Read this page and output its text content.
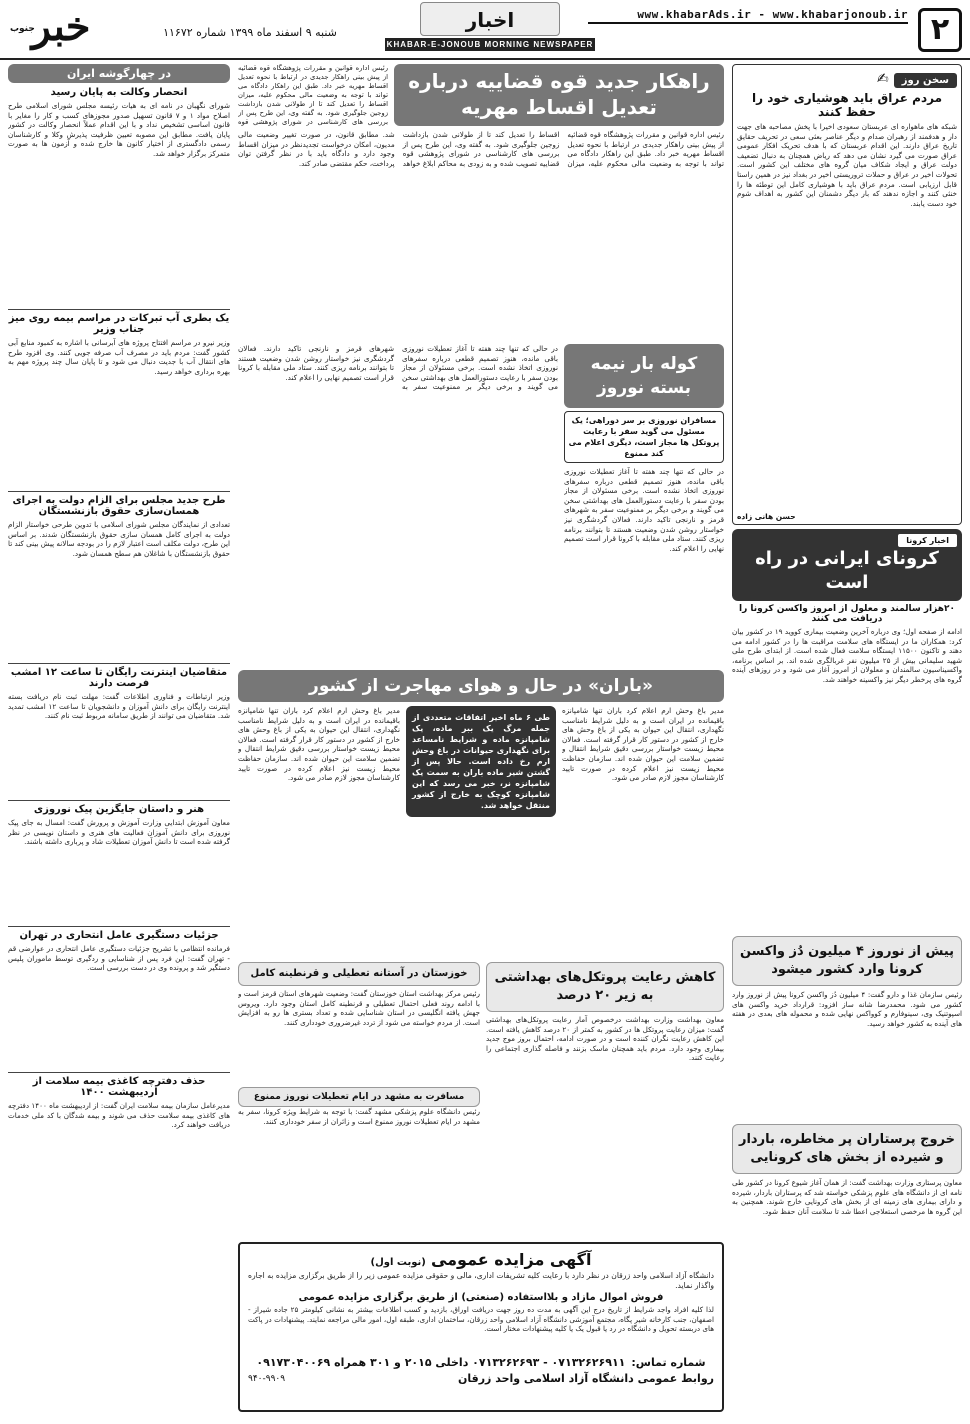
۲
www.khabarAds.ir - www.khabarjonoub.ir
اخبار
KHABAR-E-JONOUB MORNING NEWSPAPER
شنبه ۹ اسفند ماه ۱۳۹۹ شماره ۱۱۶۷۲
خبر
جنوب
سخن روز ✍
مردم عراق باید هوشیاری خود را حفظ کنند
شبکه های ماهواره ای عربستان سعودی اخیرا با پخش مصاحبه های جهت دار و هدفمند از رهبران صدام و دیگر عناصر بعثی سعی در تحریف حقایق تاریخ عراق دارند. این اقدام عربستان که با هدف تحریک افکار عمومی عراق صورت می گیرد نشان می دهد که ریاض همچنان به دنبال تضعیف دولت عراق و ایجاد شکاف میان گروه های مختلف این کشور است. تحولات اخیر در عراق و حملات تروریستی اخیر در بغداد نیز در همین راستا قابل ارزیابی است. مردم عراق باید با هوشیاری کامل این توطئه ها را خنثی کنند و اجازه ندهند که بار دیگر دشمنان این کشور به اهداف شوم خود دست یابند.
حسن هانی زاده
اخبار کرونا
کرونای ایرانی در راه است
۲۰هزار سالمند و معلول از امروز واکسن کرونا را دریافت می کنند
ادامه از صفحه اول؛ وی درباره آخرین وضعیت بیماری کووید ۱۹ در کشور بیان کرد: همکاران ما در ایستگاه های سلامت مراقبت ها را در کشور ادامه می دهند و تاکنون ۱۱۵۰۰ ایستگاه سلامت فعال شده است. از ابتدای طرح ملی شهید سلیمانی بیش از ۲۵ میلیون نفر غربالگری شده اند. بر اساس برنامه، واکسیناسیون سالمندان و معلولان از امروز آغاز می شود و در روزهای آینده گروه های پرخطر دیگر نیز واکسینه خواهند شد.
پیش از نوروز ۴ میلیون دُز واکسن کرونا وارد کشور میشود
رئیس سازمان غذا و دارو گفت: ۴ میلیون دُز واکسن کرونا پیش از نوروز وارد کشور می شود. محمدرضا شانه ساز افزود: قرارداد خرید واکسن های اسپوتنیک وی، سینوفارم و کوواکس نهایی شده و محموله های بعدی در هفته های آینده به کشور خواهد رسید.
خروج پرستاران پر مخاطره، باردار و شیرده از بخش های کرونایی
معاون پرستاری وزارت بهداشت گفت: از همان آغاز شیوع کرونا در کشور طی نامه ای از دانشگاه های علوم پزشکی خواسته شد که پرستاران باردار، شیرده و دارای بیماری های زمینه ای از بخش های کرونایی خارج شوند. همچنین به این گروه ها مرخصی استعلاجی اعطا شد تا سلامت آنان حفظ شود.
راهکار جدید قوه قضاییه درباره تعدیل اقساط مهریه
رئیس اداره قوانین و مقررات پژوهشگاه قوه قضائیه از پیش بینی راهکار جدیدی در ارتباط با نحوه تعدیل اقساط مهریه خبر داد. طبق این راهکار دادگاه می تواند با توجه به وضعیت مالی محکوم علیه، میزان اقساط را تعدیل کند تا از طولانی شدن بازداشت زوجین جلوگیری شود. به گفته وی، این طرح پس از بررسی های کارشناسی در شورای پژوهشی قوه
رئیس اداره قوانین و مقررات پژوهشگاه قوه قضائیه از پیش بینی راهکار جدیدی در ارتباط با نحوه تعدیل اقساط مهریه خبر داد. طبق این راهکار دادگاه می تواند با توجه به وضعیت مالی محکوم علیه، میزان اقساط را تعدیل کند تا از طولانی شدن بازداشت زوجین جلوگیری شود. به گفته وی، این طرح پس از بررسی های کارشناسی در شورای پژوهشی قوه قضاییه تصویب شده و به زودی به محاکم ابلاغ خواهد شد. مطابق قانون، در صورت تغییر وضعیت مالی مدیون، امکان درخواست تجدیدنظر در میزان اقساط وجود دارد و دادگاه باید با در نظر گرفتن توان پرداخت، حکم مقتضی صادر کند.
کوله بار نیمه بسته نوروز
مسافران نوروزی بر سر دوراهی؛ یک مسئول می گوید سفر با رعایت پروتکل ها مجاز است، دیگری اعلام می کند ممنوع
در حالی که تنها چند هفته تا آغاز تعطیلات نوروزی باقی مانده، هنوز تصمیم قطعی درباره سفرهای نوروزی اتخاذ نشده است. برخی مسئولان از مجاز بودن سفر با رعایت دستورالعمل های بهداشتی سخن می گویند و برخی دیگر بر ممنوعیت سفر به شهرهای قرمز و نارنجی تاکید دارند. فعالان گردشگری نیز خواستار روشن شدن وضعیت هستند تا بتوانند برنامه ریزی کنند. ستاد ملی مقابله با کرونا قرار است تصمیم نهایی را اعلام کند.
در حالی که تنها چند هفته تا آغاز تعطیلات نوروزی باقی مانده، هنوز تصمیم قطعی درباره سفرهای نوروزی اتخاذ نشده است. برخی مسئولان از مجاز بودن سفر با رعایت دستورالعمل های بهداشتی سخن می گویند و برخی دیگر بر ممنوعیت سفر به شهرهای قرمز و نارنجی تاکید دارند. فعالان گردشگری نیز خواستار روشن شدن وضعیت هستند تا بتوانند برنامه ریزی کنند. ستاد ملی مقابله با کرونا قرار است تصمیم نهایی را اعلام کند.
«باران» در حال و هوای مهاجرت از کشور
مدیر باغ وحش ارم اعلام کرد باران تنها شامپانزه باقیمانده در ایران است و به دلیل شرایط نامناسب نگهداری، انتقال این حیوان به یکی از باغ وحش های خارج از کشور در دستور کار قرار گرفته است. فعالان محیط زیست خواستار بررسی دقیق شرایط انتقال و تضمین سلامت این حیوان شده اند. سازمان حفاظت محیط زیست نیز اعلام کرده در صورت تایید کارشناسان مجوز لازم صادر می شود.
طی ۶ ماه اخیر اتفاقات متعددی از جمله مرگ یک ببر ماده، یک شامپانزه ماده و شرایط نامساعد برای نگهداری حیوانات در باغ وحش ارم رخ داده است. حالا پس از گشتن شیر ماده باران به سمت یک شامپانزه نر، خبر می رسد که این شامپانزه کوچک به خارج از کشور منتقل خواهد شد.
مدیر باغ وحش ارم اعلام کرد باران تنها شامپانزه باقیمانده در ایران است و به دلیل شرایط نامناسب نگهداری، انتقال این حیوان به یکی از باغ وحش های خارج از کشور در دستور کار قرار گرفته است. فعالان محیط زیست خواستار بررسی دقیق شرایط انتقال و تضمین سلامت این حیوان شده اند. سازمان حفاظت محیط زیست نیز اعلام کرده در صورت تایید کارشناسان مجوز لازم صادر می شود.
کاهش رعایت پروتکل‌های بهداشتی به زیر ۲۰ درصد
معاون بهداشت وزارت بهداشت درخصوص آمار رعایت پروتکل‌های بهداشتی گفت: میزان رعایت پروتکل ها در کشور به کمتر از ۲۰ درصد کاهش یافته است. این کاهش رعایت نگران کننده است و در صورت ادامه، احتمال بروز موج جدید بیماری وجود دارد. مردم باید همچنان ماسک بزنند و فاصله گذاری اجتماعی را رعایت کنند.
خوزستان در آستانه تعطیلی و قرنطینه کامل
رئیس مرکز بهداشت استان خوزستان گفت: وضعیت شهرهای استان قرمز است و با ادامه روند فعلی احتمال تعطیلی و قرنطینه کامل استان وجود دارد. ویروس جهش یافته انگلیسی در استان شناسایی شده و تعداد بستری ها رو به افزایش است. از مردم خواسته می شود از تردد غیرضروری خودداری کنند.
مسافرت به مشهد در ایام تعطیلات نوروز ممنوع
رئیس دانشگاه علوم پزشکی مشهد گفت: با توجه به شرایط ویژه کرونا، سفر به مشهد در ایام تعطیلات نوروز ممنوع است و زائران از سفر خودداری کنند.
در چهارگوشه ایران
انحصار وکالت به پایان رسید
شورای نگهبان در نامه ای به هیات رئیسه مجلس شورای اسلامی طرح اصلاح مواد ۱ و ۷ قانون تسهیل صدور مجوزهای کسب و کار را مغایر با قانون اساسی تشخیص نداد و با این اقدام عملاً انحصار وکالت در کشور پایان یافت. مطابق این مصوبه تعیین ظرفیت پذیرش وکلا و کارشناسان رسمی دادگستری از اختیار کانون ها خارج شده و آزمون ها به صورت متمرکز برگزار خواهد شد.
یک بطری آب تبرکات در مراسم بیمه روی میز جناب وزیر
وزیر نیرو در مراسم افتتاح پروژه های آبرسانی با اشاره به کمبود منابع آبی کشور گفت: مردم باید در مصرف آب صرفه جویی کنند. وی افزود طرح های انتقال آب با جدیت دنبال می شود و تا پایان سال چند پروژه مهم به بهره برداری خواهد رسید.
طرح جدید مجلس برای الزام دولت به اجرای همسان‌سازی حقوق بازنشستگان
تعدادی از نمایندگان مجلس شورای اسلامی با تدوین طرحی خواستار الزام دولت به اجرای کامل همسان سازی حقوق بازنشستگان شدند. بر اساس این طرح، دولت مکلف است اعتبار لازم را در بودجه سالانه پیش بینی کند تا حقوق بازنشستگان با شاغلان هم سطح همسان شود.
متقاضیان اینترنت رایگان تا ساعت ۱۲ امشب فرصت دارند
وزیر ارتباطات و فناوری اطلاعات گفت: مهلت ثبت نام دریافت بسته اینترنت رایگان برای دانش آموزان و دانشجویان تا ساعت ۱۲ امشب تمدید شد. متقاضیان می توانند از طریق سامانه مربوط ثبت نام کنند.
هنر و داستان جایگزین پیک نوروزی
معاون آموزش ابتدایی وزارت آموزش و پرورش گفت: امسال به جای پیک نوروزی برای دانش آموزان فعالیت های هنری و داستان نویسی در نظر گرفته شده است تا دانش آموزان تعطیلات شاد و پرباری داشته باشند.
جزئیات دستگیری عامل انتحاری در تهران
فرمانده انتظامی با تشریح جزئیات دستگیری عامل انتحاری در عوارضی قم - تهران گفت: این فرد پس از شناسایی و ردگیری توسط ماموران پلیس دستگیر شد و پرونده وی در دست بررسی است.
حذف دفترچه کاغذی بیمه سلامت از اردیبهشت ۱۴۰۰
مدیرعامل سازمان بیمه سلامت ایران گفت: از اردیبهشت ماه ۱۴۰۰ دفترچه های کاغذی بیمه سلامت حذف می شوند و بیمه شدگان با کد ملی خدمات دریافت خواهند کرد.
آگهی مزایده عمومی (نوبت اول)
دانشگاه آزاد اسلامی واحد زرقان در نظر دارد با رعایت کلیه تشریفات اداری، مالی و حقوقی مزایده عمومی زیر را از طریق برگزاری مزایده به اجاره واگذار نماید.
فروش اموال مازاد و بلااستفاده (صنعتی) از طریق برگزاری مزایده عمومی
لذا کلیه افراد واجد شرایط از تاریخ درج این آگهی به مدت ده روز جهت دریافت اوراق، بازدید و کسب اطلاعات بیشتر به نشانی کیلومتر ۲۵ جاده شیراز - اصفهان، جنب کارخانه شیر پگاه، مجتمع آموزشی دانشگاه آزاد اسلامی واحد زرقان، ساختمان اداری، طبقه اول، امور مالی مراجعه نمایند. پیشنهادات در پاکت های دربسته تحویل و دانشگاه در رد یا قبول یک یا کلیه پیشنهادات مختار است.
شماره تماس:
۰۷۱۳۲۶۲۶۹۱۱ - ۰۷۱۳۲۶۲۶۹۳ داخلی ۲۰۱۵ و ۳۰۱ همراه ۰۹۱۷۳۰۴۰۰۶۹
روابط عمومی دانشگاه آزاد اسلامی واحد زرقان
۹۴۰-۹۹۰۹
